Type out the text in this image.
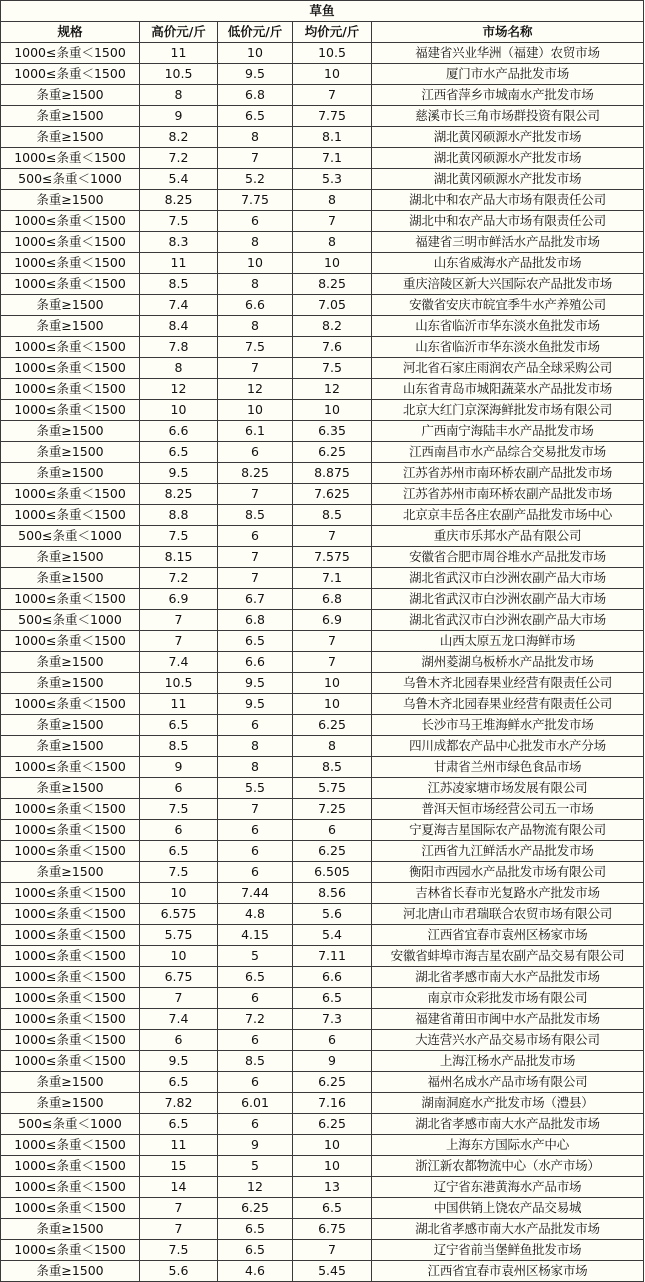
草鱼				
规格	高价元/斤	低价元/斤	均价元/斤	市场名称
1000≤条重＜1500	11	10	10.5	福建省兴业华洲（福建）农贸市场
1000≤条重＜1500	10.5	9.5	10	厦门市水产品批发市场
条重≥1500	8	6.8	7	江西省萍乡市城南水产批发市场
条重≥1500	9	6.5	7.75	慈溪市长三角市场群投资有限公司
条重≥1500	8.2	8	8.1	湖北黄冈硕源水产批发市场
1000≤条重＜1500	7.2	7	7.1	湖北黄冈硕源水产批发市场
500≤条重＜1000	5.4	5.2	5.3	湖北黄冈硕源水产批发市场
条重≥1500	8.25	7.75	8	湖北中和农产品大市场有限责任公司
1000≤条重＜1500	7.5	6	7	湖北中和农产品大市场有限责任公司
1000≤条重＜1500	8.3	8	8	福建省三明市鲜活水产品批发市场
1000≤条重＜1500	11	10	10	山东省威海水产品批发市场
1000≤条重＜1500	8.5	8	8.25	重庆涪陵区新大兴国际农产品批发市场
条重≥1500	7.4	6.6	7.05	安徽省安庆市皖宜季牛水产养殖公司
条重≥1500	8.4	8	8.2	山东省临沂市华东淡水鱼批发市场
1000≤条重＜1500	7.8	7.5	7.6	山东省临沂市华东淡水鱼批发市场
1000≤条重＜1500	8	7	7.5	河北省石家庄雨润农产品全球采购公司
1000≤条重＜1500	12	12	12	山东省青岛市城阳蔬菜水产品批发市场
1000≤条重＜1500	10	10	10	北京大红门京深海鲜批发市场有限公司
条重≥1500	6.6	6.1	6.35	广西南宁海陆丰水产品批发市场
条重≥1500	6.5	6	6.25	江西南昌市水产品综合交易批发市场
条重≥1500	9.5	8.25	8.875	江苏省苏州市南环桥农副产品批发市场
1000≤条重＜1500	8.25	7	7.625	江苏省苏州市南环桥农副产品批发市场
1000≤条重＜1500	8.8	8.5	8.5	北京京丰岳各庄农副产品批发市场中心
500≤条重＜1000	7.5	6	7	重庆市乐邦水产品有限公司
条重≥1500	8.15	7	7.575	安徽省合肥市周谷堆水产品批发市场
条重≥1500	7.2	7	7.1	湖北省武汉市白沙洲农副产品大市场
1000≤条重＜1500	6.9	6.7	6.8	湖北省武汉市白沙洲农副产品大市场
500≤条重＜1000	7	6.8	6.9	湖北省武汉市白沙洲农副产品大市场
1000≤条重＜1500	7	6.5	7	山西太原五龙口海鲜市场
条重≥1500	7.4	6.6	7	湖州菱湖乌板桥水产品批发市场
条重≥1500	10.5	9.5	10	乌鲁木齐北园春果业经营有限责任公司
1000≤条重＜1500	11	9.5	10	乌鲁木齐北园春果业经营有限责任公司
条重≥1500	6.5	6	6.25	长沙市马王堆海鲜水产批发市场
条重≥1500	8.5	8	8	四川成都农产品中心批发市水产分场
1000≤条重＜1500	9	8	8.5	甘肃省兰州市绿色食品市场
条重≥1500	6	5.5	5.75	江苏凌家塘市场发展有限公司
1000≤条重＜1500	7.5	7	7.25	普洱天恒市场经营公司五一市场
1000≤条重＜1500	6	6	6	宁夏海吉星国际农产品物流有限公司
1000≤条重＜1500	6.5	6	6.25	江西省九江鲜活水产品批发市场
条重≥1500	7.5	6	6.505	衡阳市西园水产品批发市场有限公司
1000≤条重＜1500	10	7.44	8.56	吉林省长春市光复路水产批发市场
1000≤条重＜1500	6.575	4.8	5.6	河北唐山市君瑞联合农贸市场有限公司
1000≤条重＜1500	5.75	4.15	5.4	江西省宜春市袁州区杨家市场
1000≤条重＜1500	10	5	7.11	安徽省蚌埠市海吉星农副产品交易有限公司
1000≤条重＜1500	6.75	6.5	6.6	湖北省孝感市南大水产品批发市场
1000≤条重＜1500	7	6	6.5	南京市众彩批发市场有限公司
1000≤条重＜1500	7.4	7.2	7.3	福建省莆田市闽中水产品批发市场
1000≤条重＜1500	6	6	6	大连营兴水产品交易市场有限公司
1000≤条重＜1500	9.5	8.5	9	上海江杨水产品批发市场
条重≥1500	6.5	6	6.25	福州名成水产品市场有限公司
条重≥1500	7.82	6.01	7.16	湖南洞庭水产批发市场（澧县）
500≤条重＜1000	6.5	6	6.25	湖北省孝感市南大水产品批发市场
1000≤条重＜1500	11	9	10	上海东方国际水产中心
1000≤条重＜1500	15	5	10	浙江新农都物流中心（水产市场）
1000≤条重＜1500	14	12	13	辽宁省东港黄海水产品市场
1000≤条重＜1500	7	6.25	6.5	中国供销上饶农产品交易城
条重≥1500	7	6.5	6.75	湖北省孝感市南大水产品批发市场
1000≤条重＜1500	7.5	6.5	7	辽宁省前当堡鲜鱼批发市场
条重≥1500	5.6	4.6	5.45	江西省宜春市袁州区杨家市场
